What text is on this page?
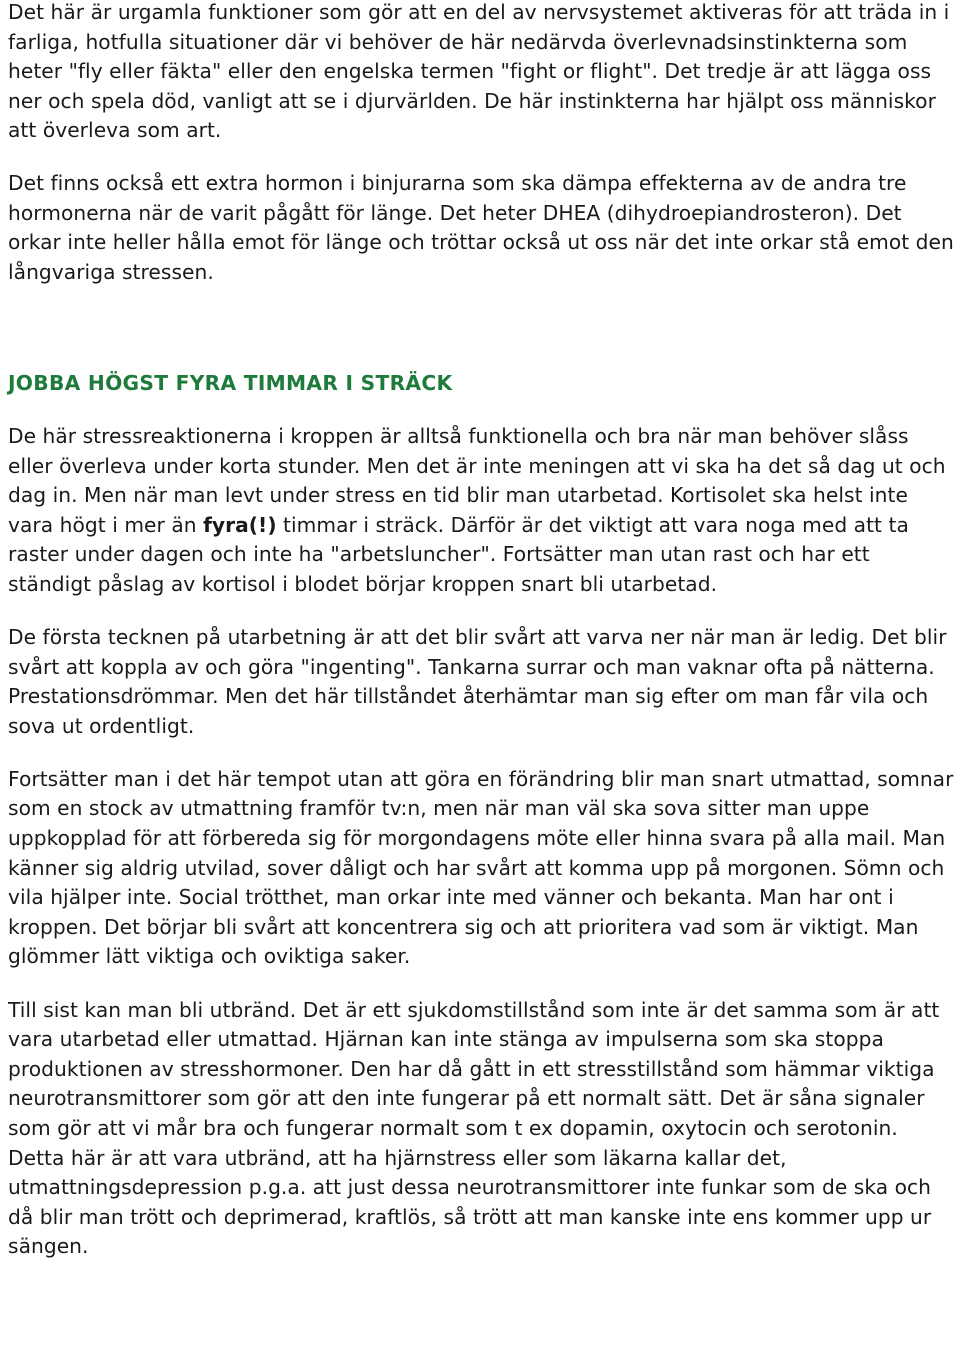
Det här är urgamla funktioner som gör att en del av nervsystemet aktiveras för att träda in i farliga, hotfulla situationer där vi behöver de här nedärvda överlevnadsinstinkterna som heter "fly eller fäkta" eller den engelska termen "fight or flight". Det tredje är att lägga oss ner och spela död, vanligt att se i djurvärlden. De här instinkterna har hjälpt oss människor att överleva som art.

Det finns också ett extra hormon i binjurarna som ska dämpa effekterna av de andra tre hormonerna när de varit pågått för länge. Det heter DHEA (dihydroepiandrosteron). Det orkar inte heller hålla emot för länge och tröttar också ut oss när det inte orkar stå emot den långvariga stressen.

JOBBA HÖGST FYRA TIMMAR I STRÄCK

De här stressreaktionerna i kroppen är alltså funktionella och bra när man behöver slåss eller överleva under korta stunder. Men det är inte meningen att vi ska ha det så dag ut och dag in. Men när man levt under stress en tid blir man utarbetad. Kortisolet ska helst inte vara högt i mer än fyra(!) timmar i sträck. Därför är det viktigt att vara noga med att ta raster under dagen och inte ha "arbetsluncher". Fortsätter man utan rast och har ett ständigt påslag av kortisol i blodet börjar kroppen snart bli utarbetad.

De första tecknen på utarbetning är att det blir svårt att varva ner när man är ledig. Det blir svårt att koppla av och göra "ingenting". Tankarna surrar och man vaknar ofta på nätterna. Prestationsdrömmar. Men det här tillståndet återhämtar man sig efter om man får vila och sova ut ordentligt.

Fortsätter man i det här tempot utan att göra en förändring blir man snart utmattad, somnar som en stock av utmattning framför tv:n, men när man väl ska sova sitter man uppe uppkopplad för att förbereda sig för morgondagens möte eller hinna svara på alla mail. Man känner sig aldrig utvilad, sover dåligt och har svårt att komma upp på morgonen. Sömn och vila hjälper inte. Social trötthet, man orkar inte med vänner och bekanta. Man har ont i kroppen. Det börjar bli svårt att koncentrera sig och att prioritera vad som är viktigt. Man glömmer lätt viktiga och oviktiga saker.

Till sist kan man bli utbränd. Det är ett sjukdomstillstånd som inte är det samma som är att vara utarbetad eller utmattad. Hjärnan kan inte stänga av impulserna som ska stoppa produktionen av stresshormoner. Den har då gått in ett stresstillstånd som hämmar viktiga neurotransmittorer som gör att den inte fungerar på ett normalt sätt. Det är såna signaler som gör att vi mår bra och fungerar normalt som t ex dopamin, oxytocin och serotonin. Detta här är att vara utbränd, att ha hjärnstress eller som läkarna kallar det, utmattningsdepression p.g.a. att just dessa neurotransmittorer inte funkar som de ska och då blir man trött och deprimerad, kraftlös, så trött att man kanske inte ens kommer upp ur sängen.
